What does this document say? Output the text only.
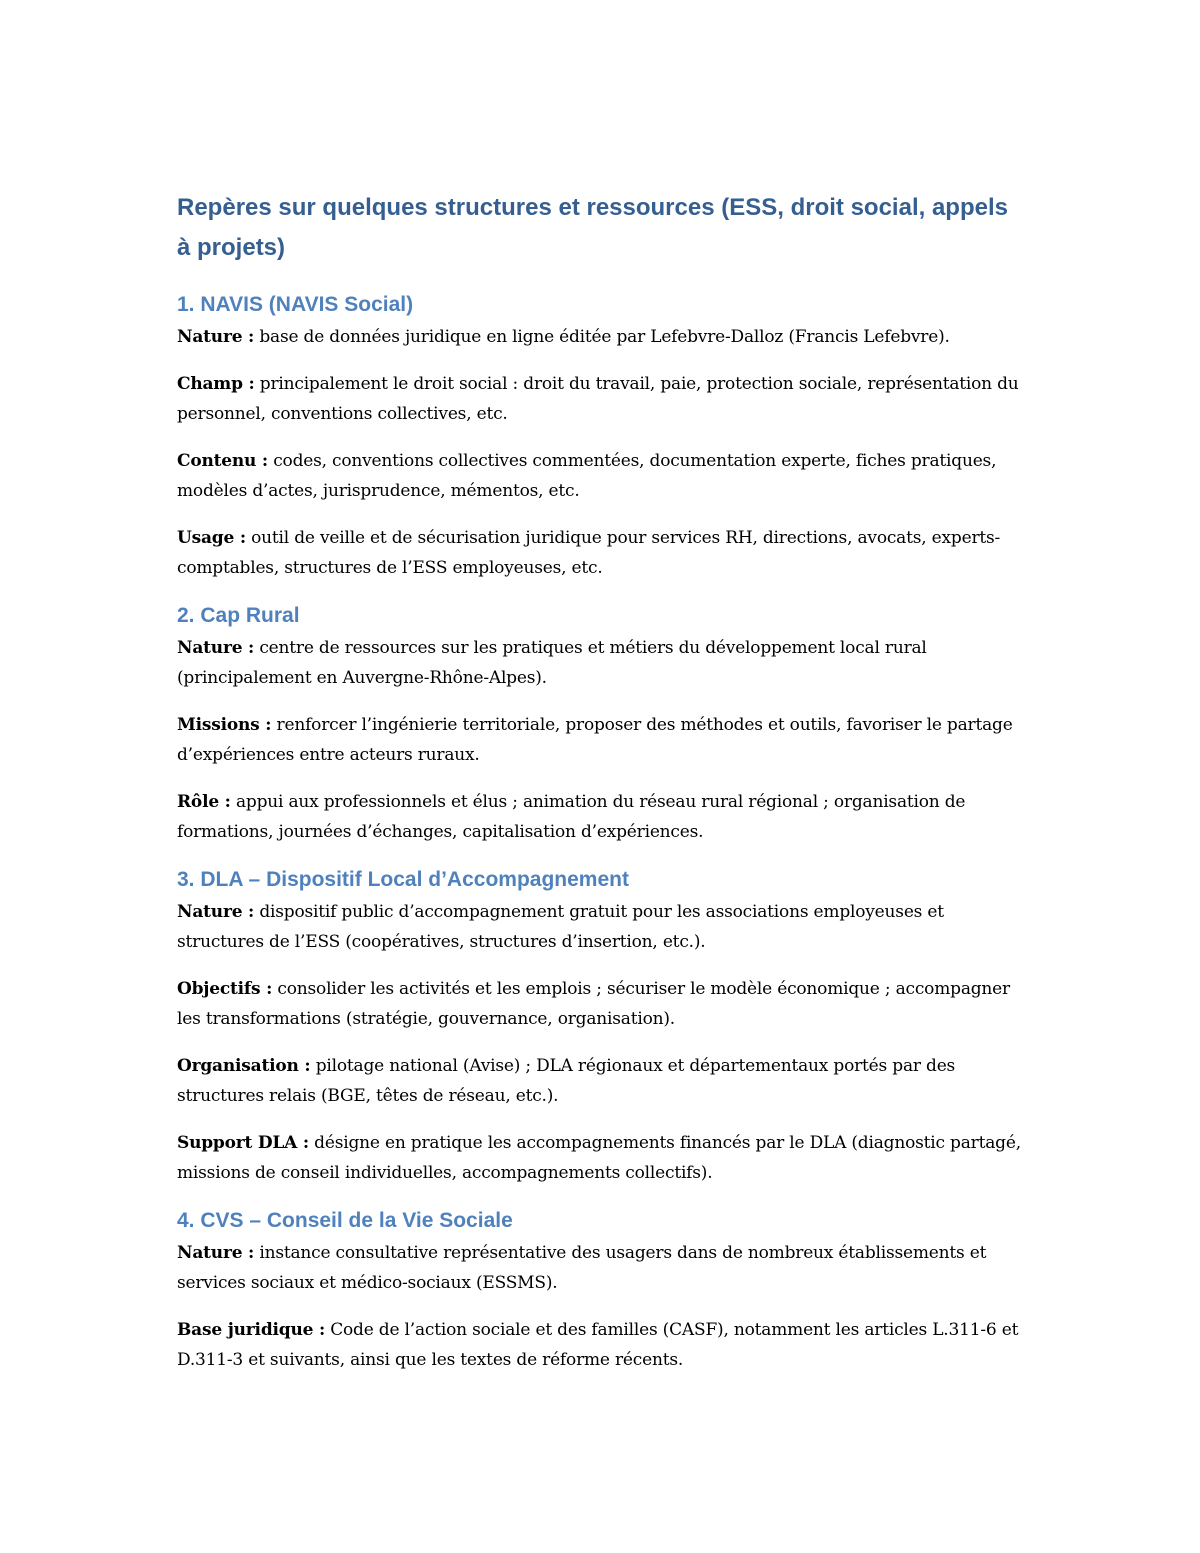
Repères sur quelques structures et ressources (ESS, droit social, appels à projets)
1. NAVIS (NAVIS Social)

Nature : base de données juridique en ligne éditée par Lefebvre-Dalloz (Francis Lefebvre).

Champ : principalement le droit social : droit du travail, paie, protection sociale, représentation du personnel, conventions collectives, etc.

Contenu : codes, conventions collectives commentées, documentation experte, fiches pratiques, modèles d’actes, jurisprudence, mémentos, etc.

Usage : outil de veille et de sécurisation juridique pour services RH, directions, avocats, experts-comptables, structures de l’ESS employeuses, etc.

2. Cap Rural

Nature : centre de ressources sur les pratiques et métiers du développement local rural (principalement en Auvergne-Rhône-Alpes).

Missions : renforcer l’ingénierie territoriale, proposer des méthodes et outils, favoriser le partage d’expériences entre acteurs ruraux.

Rôle : appui aux professionnels et élus ; animation du réseau rural régional ; organisation de formations, journées d’échanges, capitalisation d’expériences.

3. DLA – Dispositif Local d’Accompagnement

Nature : dispositif public d’accompagnement gratuit pour les associations employeuses et structures de l’ESS (coopératives, structures d’insertion, etc.).

Objectifs : consolider les activités et les emplois ; sécuriser le modèle économique ; accompagner les transformations (stratégie, gouvernance, organisation).

Organisation : pilotage national (Avise) ; DLA régionaux et départementaux portés par des structures relais (BGE, têtes de réseau, etc.).

Support DLA : désigne en pratique les accompagnements financés par le DLA (diagnostic partagé, missions de conseil individuelles, accompagnements collectifs).

4. CVS – Conseil de la Vie Sociale

Nature : instance consultative représentative des usagers dans de nombreux établissements et services sociaux et médico-sociaux (ESSMS).

Base juridique : Code de l’action sociale et des familles (CASF), notamment les articles L.311-6 et D.311-3 et suivants, ainsi que les textes de réforme récents.
